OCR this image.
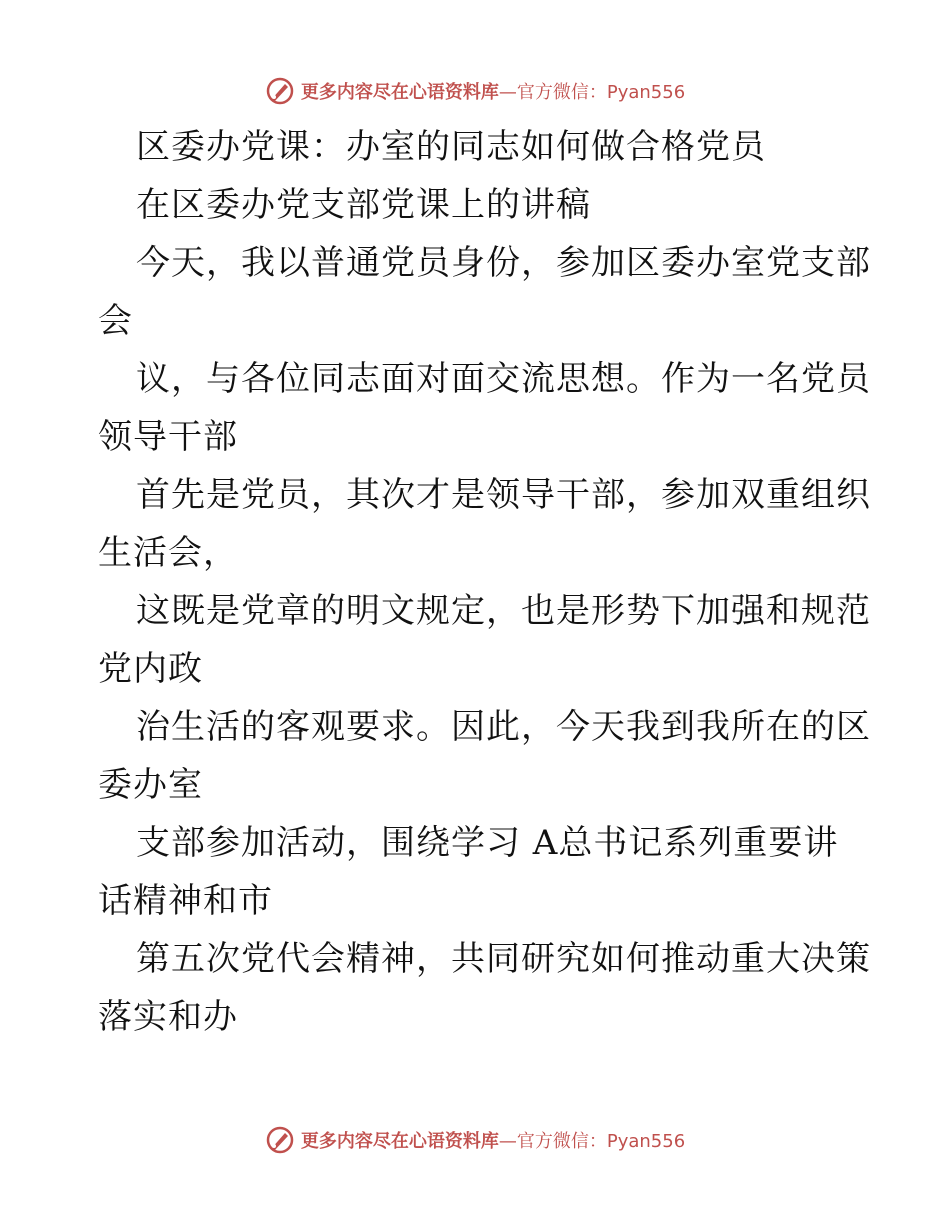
更多内容尽在心语资料库—官方微信：Pyan556
区委办党课：办室的同志如何做合格党员
在区委办党支部党课上的讲稿
今天，我以普通党员身份，参加区委办室党支部
会
议，与各位同志面对面交流思想。作为一名党员
领导干部
首先是党员，其次才是领导干部，参加双重组织
生活会，
这既是党章的明文规定，也是形势下加强和规范
党内政
治生活的客观要求。因此，今天我到我所在的区
委办室
支部参加活动，围绕学习 A总书记系列重要讲
话精神和市
第五次党代会精神，共同研究如何推动重大决策
落实和办
更多内容尽在心语资料库—官方微信：Pyan556
